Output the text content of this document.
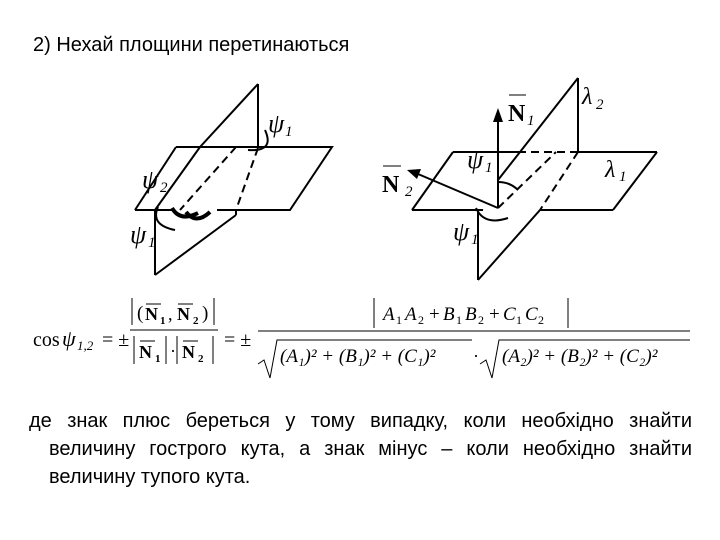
2) Нехай площини перетинаються
ψ 1
ψ 2
ψ 1
N 1
N 2
λ 2
λ 1
ψ 1
ψ 1
cos ψ 1,2 = ±
( N 1 , N 2 )
N 1 · N 2
= ±
A 1 A 2 + B 1 B 2 + C 1 C 2
(A₁)² + (B₁)² + (C₁)² · (A₂)² + (B₂)² + (C₂)²
де знак плюс береться у тому випадку, коли необхідно знайти
величину гострого кута, а знак мінус – коли необхідно знайти
величину тупого кута.
